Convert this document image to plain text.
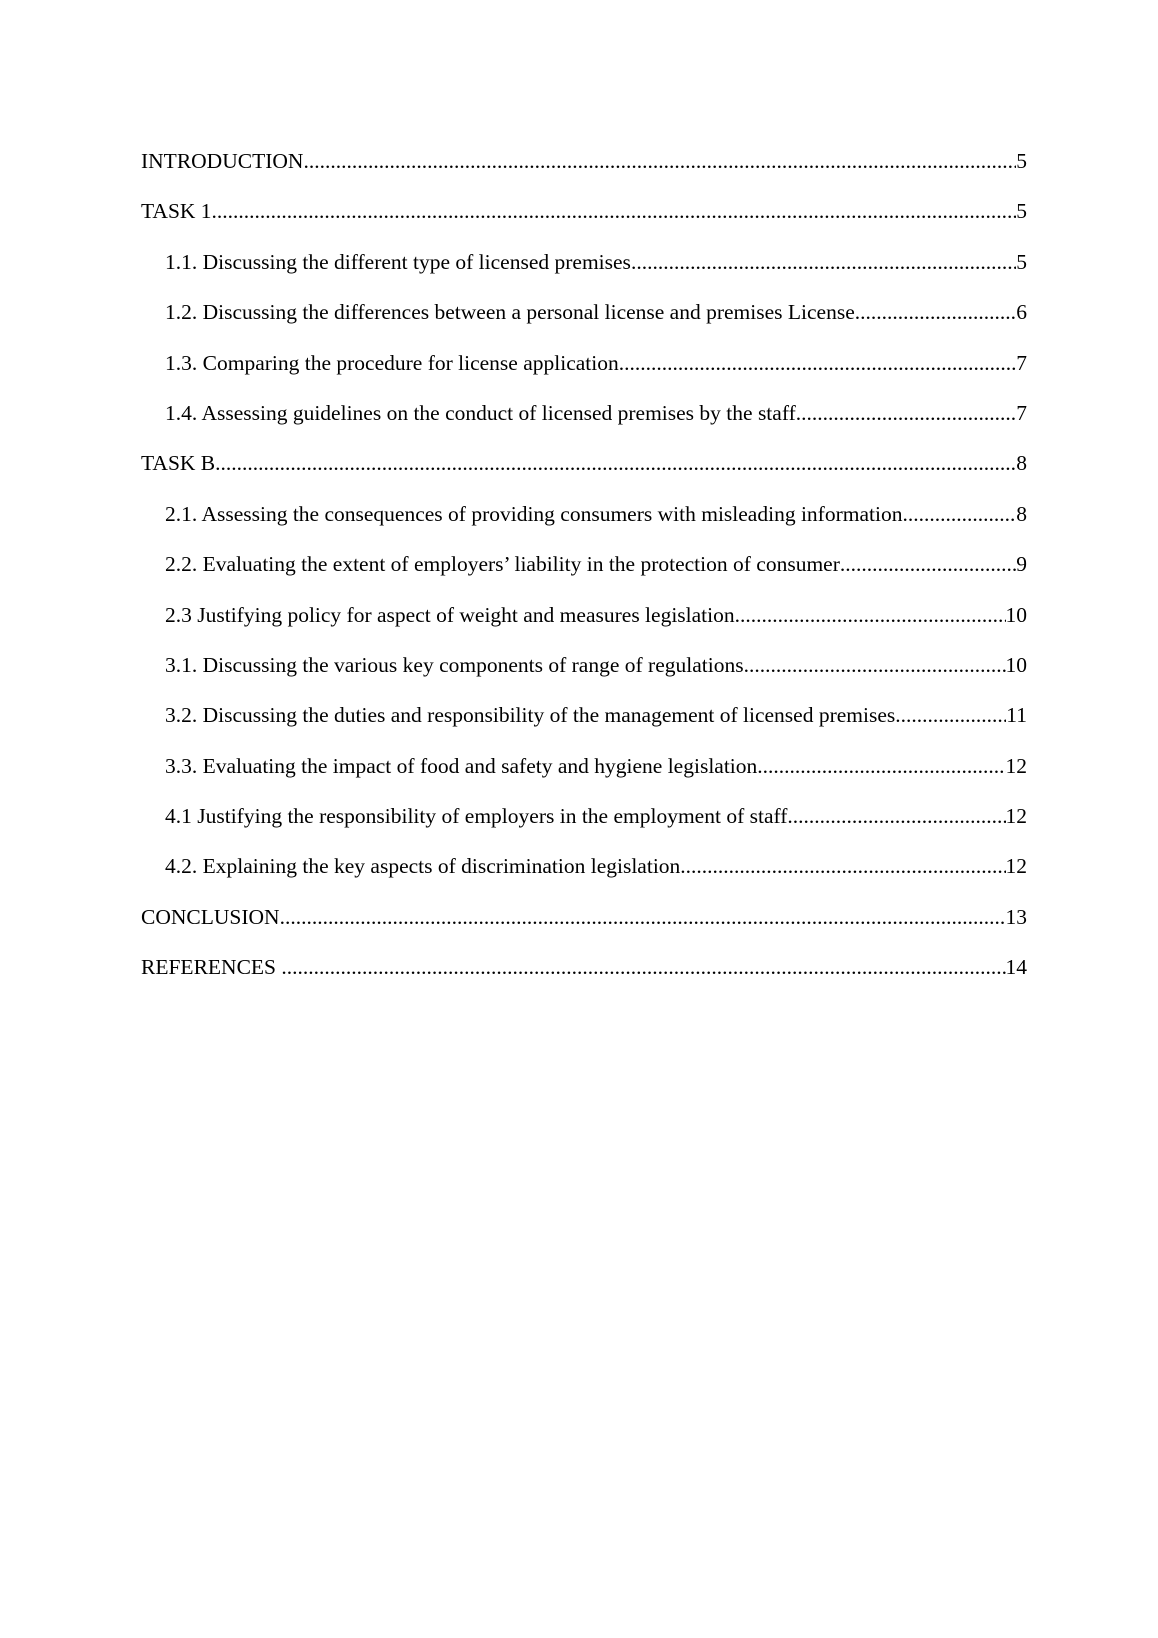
INTRODUCTION .....	5
TASK 1 .....	5
1.1. Discussing the different type of licensed premises .....	5
1.2. Discussing the differences between a personal license and premises License .....	6
1.3. Comparing the procedure for license application .....	7
1.4. Assessing guidelines on the conduct of licensed premises by the staff .....	7
TASK B .....	8
2.1. Assessing the consequences of providing consumers with misleading information .....	8
2.2. Evaluating the extent of employers’ liability in the protection of consumer .....	9
2.3 Justifying policy for aspect of weight and measures legislation .....	10
3.1. Discussing the various key components of range of regulations .....	10
3.2. Discussing the duties and responsibility of the management of licensed premises. .....	11
3.3. Evaluating the impact of food and safety and hygiene legislation. .....	12
4.1 Justifying the responsibility of employers in the employment of staff .....	12
4.2. Explaining the key aspects of discrimination legislation .....	12
CONCLUSION .....	13
REFERENCES .....	14
